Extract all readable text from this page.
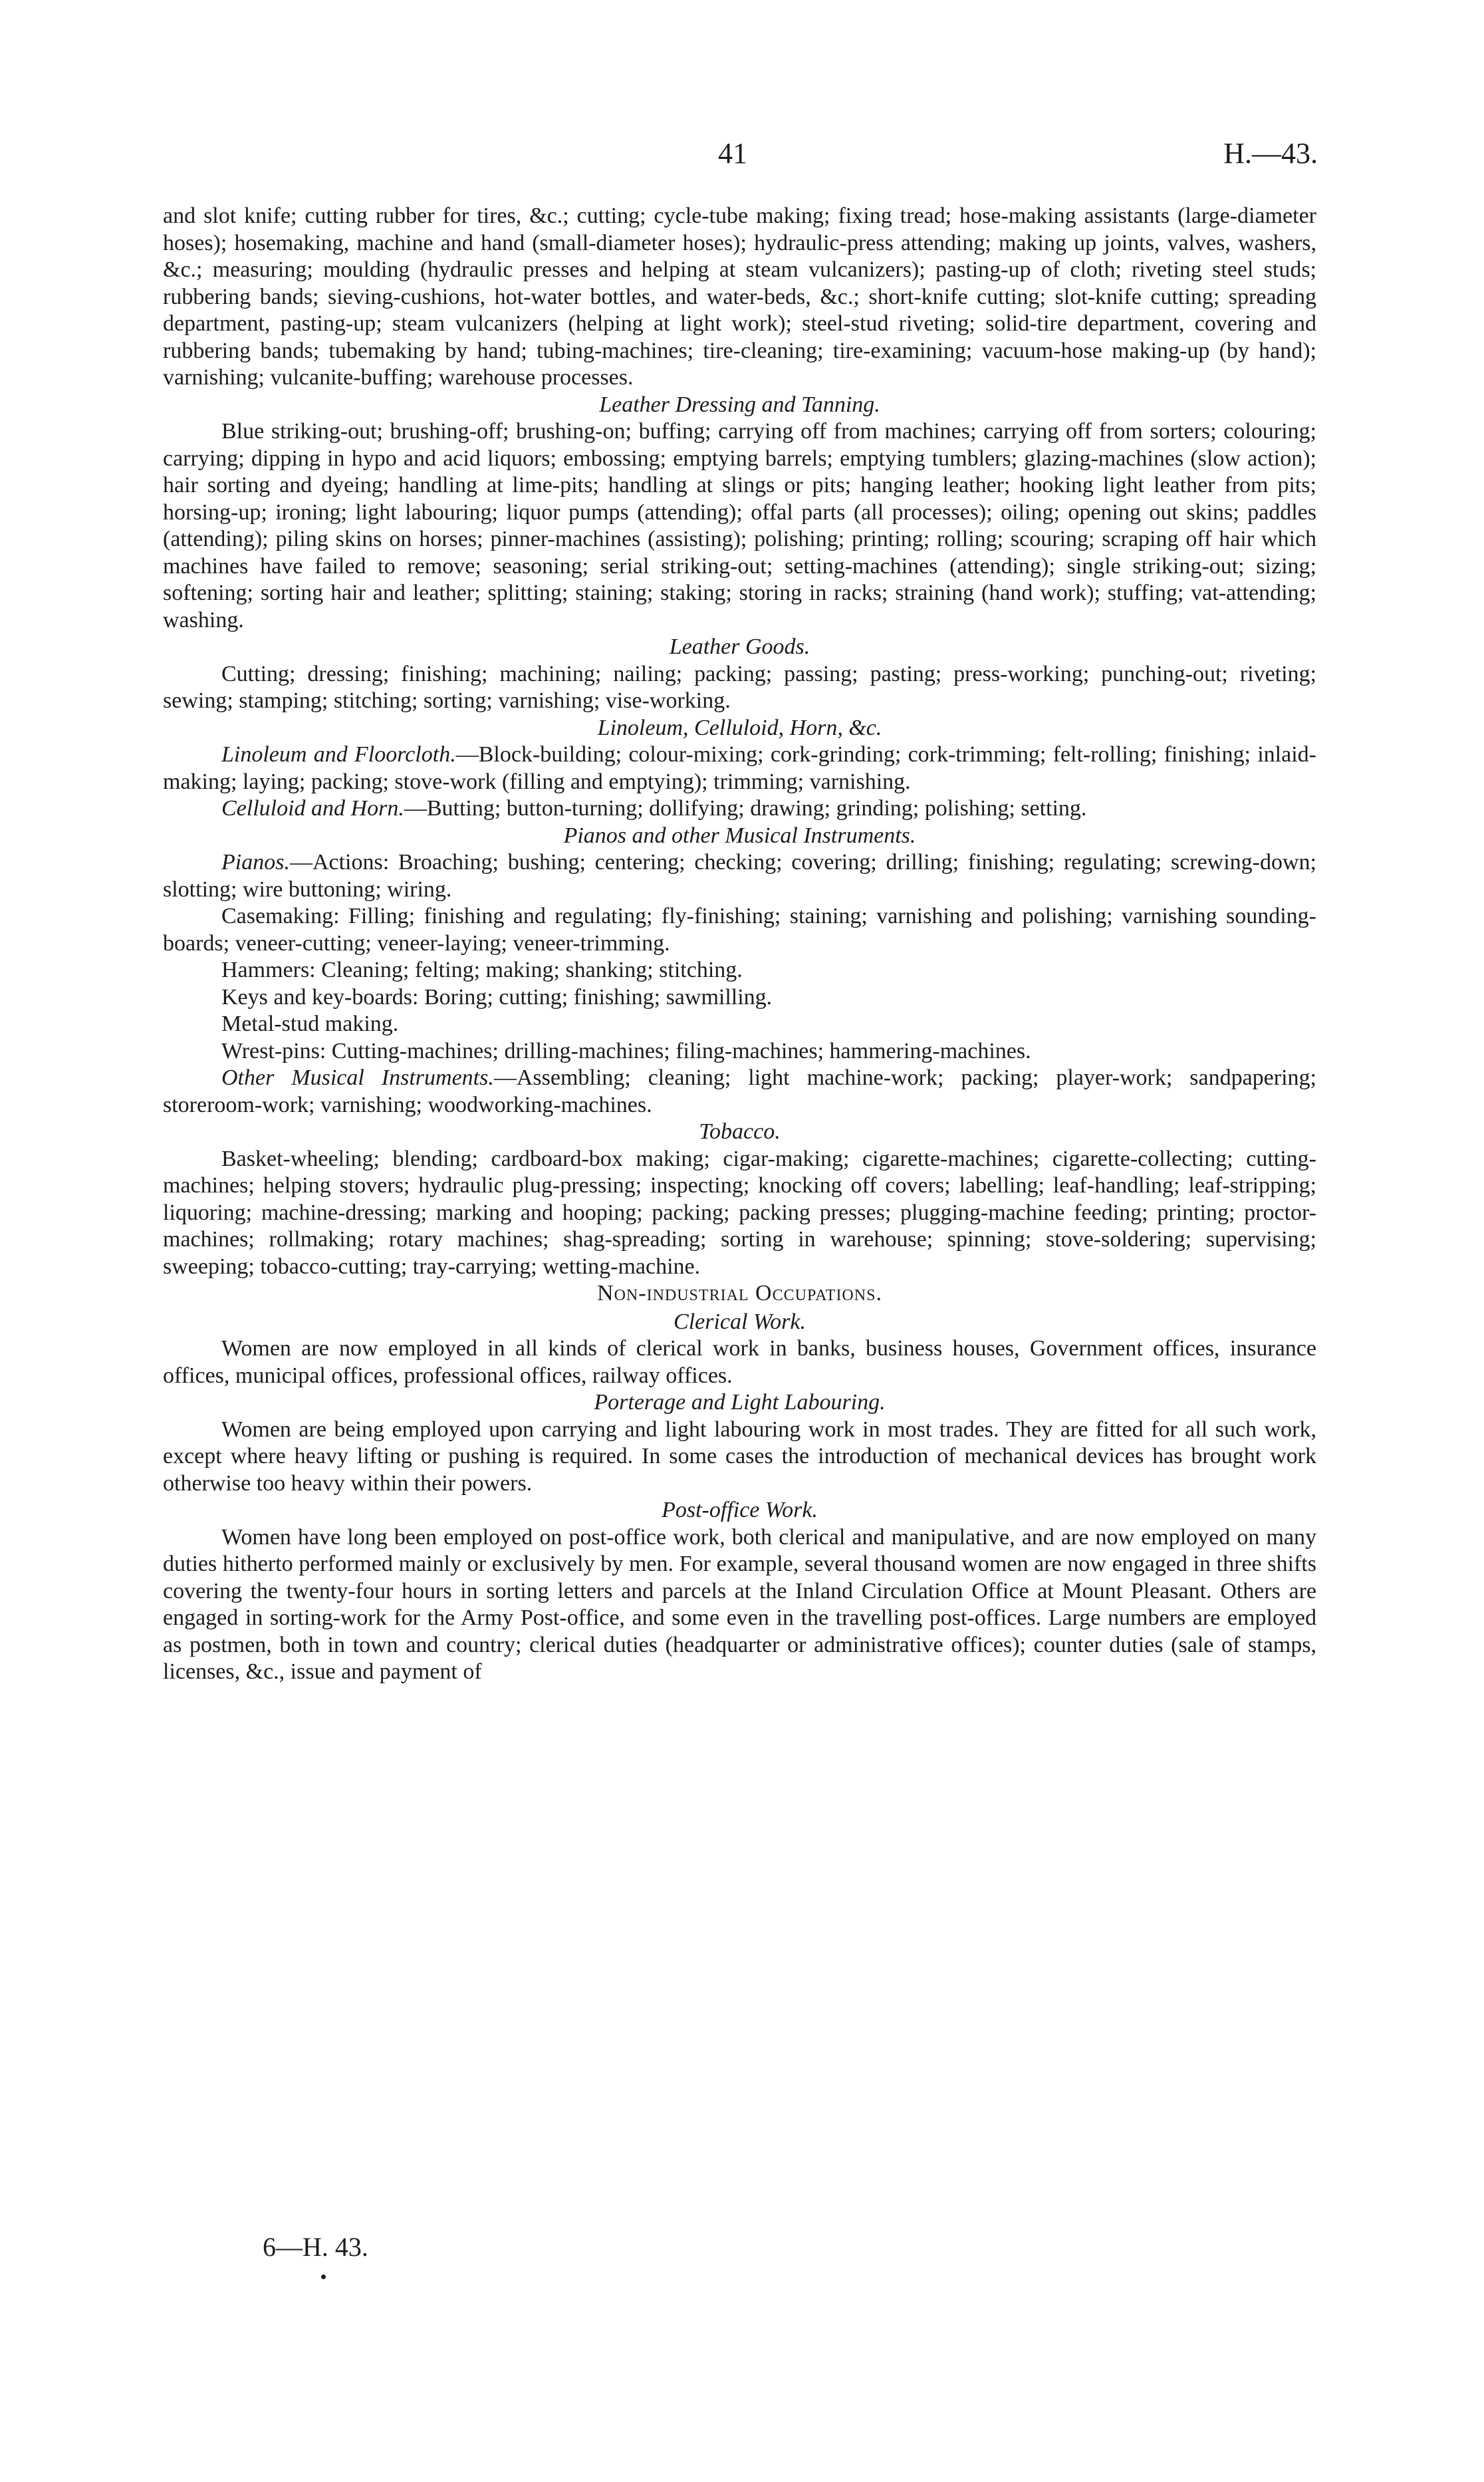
41	H.—43.

and slot knife; cutting rubber for tires, &c.; cutting; cycle-tube making; fixing tread; hose-making assistants (large-diameter hoses); hosemaking, machine and hand (small-diameter hoses); hydraulic-press attending; making up joints, valves, washers, &c.; measuring; moulding (hydraulic presses and helping at steam vulcanizers); pasting-up of cloth; riveting steel studs; rubbering bands; sieving-cushions, hot-water bottles, and water-beds, &c.; short-knife cutting; slot-knife cutting; spreading department, pasting-up; steam vulcanizers (helping at light work); steel-stud riveting; solid-tire department, covering and rubbering bands; tubemaking by hand; tubing-machines; tire-cleaning; tire-examining; vacuum-hose making-up (by hand); varnishing; vulcanite-buffing; warehouse processes.

Leather Dressing and Tanning.

Blue striking-out; brushing-off; brushing-on; buffing; carrying off from machines; carrying off from sorters; colouring; carrying; dipping in hypo and acid liquors; embossing; emptying barrels; emptying tumblers; glazing-machines (slow action); hair sorting and dyeing; handling at lime-pits; handling at slings or pits; hanging leather; hooking light leather from pits; horsing-up; ironing; light labouring; liquor pumps (attending); offal parts (all processes); oiling; opening out skins; paddles (attending); piling skins on horses; pinner-machines (assisting); polishing; printing; rolling; scouring; scraping off hair which machines have failed to remove; seasoning; serial striking-out; setting-machines (attending); single striking-out; sizing; softening; sorting hair and leather; splitting; staining; staking; storing in racks; straining (hand work); stuffing; vat-attending; washing.

Leather Goods.

Cutting; dressing; finishing; machining; nailing; packing; passing; pasting; press-working; punching-out; riveting; sewing; stamping; stitching; sorting; varnishing; vise-working.

Linoleum, Celluloid, Horn, &c.

Linoleum and Floorcloth.—Block-building; colour-mixing; cork-grinding; cork-trimming; felt-rolling; finishing; inlaid-making; laying; packing; stove-work (filling and emptying); trimming; varnishing.

Celluloid and Horn.—Butting; button-turning; dollifying; drawing; grinding; polishing; setting.

Pianos and other Musical Instruments.

Pianos.—Actions: Broaching; bushing; centering; checking; covering; drilling; finishing; regulating; screwing-down; slotting; wire buttoning; wiring.

Casemaking: Filling; finishing and regulating; fly-finishing; staining; varnishing and polishing; varnishing sounding-boards; veneer-cutting; veneer-laying; veneer-trimming.

Hammers: Cleaning; felting; making; shanking; stitching.

Keys and key-boards: Boring; cutting; finishing; sawmilling.

Metal-stud making.

Wrest-pins: Cutting-machines; drilling-machines; filing-machines; hammering-machines.

Other Musical Instruments.—Assembling; cleaning; light machine-work; packing; player-work; sandpapering; storeroom-work; varnishing; woodworking-machines.

Tobacco.

Basket-wheeling; blending; cardboard-box making; cigar-making; cigarette-machines; cigarette-collecting; cutting-machines; helping stovers; hydraulic plug-pressing; inspecting; knocking off covers; labelling; leaf-handling; leaf-stripping; liquoring; machine-dressing; marking and hooping; packing; packing presses; plugging-machine feeding; printing; proctor-machines; rollmaking; rotary machines; shag-spreading; sorting in warehouse; spinning; stove-soldering; supervising; sweeping; tobacco-cutting; tray-carrying; wetting-machine.

Non-industrial Occupations.

Clerical Work.

Women are now employed in all kinds of clerical work in banks, business houses, Government offices, insurance offices, municipal offices, professional offices, railway offices.

Porterage and Light Labouring.

Women are being employed upon carrying and light labouring work in most trades. They are fitted for all such work, except where heavy lifting or pushing is required. In some cases the introduction of mechanical devices has brought work otherwise too heavy within their powers.

Post-office Work.

Women have long been employed on post-office work, both clerical and manipulative, and are now employed on many duties hitherto performed mainly or exclusively by men. For example, several thousand women are now engaged in three shifts covering the twenty-four hours in sorting letters and parcels at the Inland Circulation Office at Mount Pleasant. Others are engaged in sorting-work for the Army Post-office, and some even in the travelling post-offices. Large numbers are employed as postmen, both in town and country; clerical duties (headquarter or administrative offices); counter duties (sale of stamps, licenses, &c., issue and payment of

6—H. 43.
